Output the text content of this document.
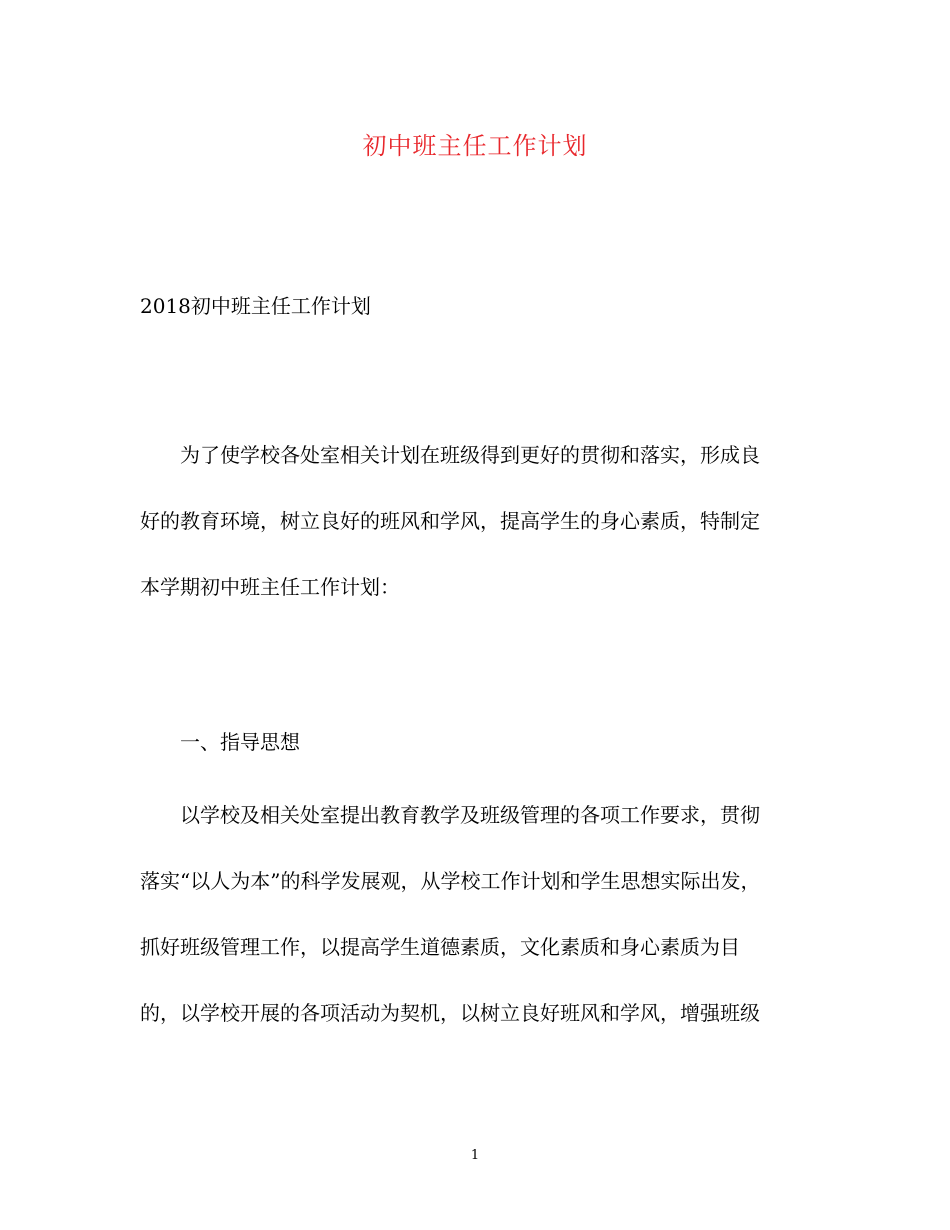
初中班主任工作计划
2018初中班主任工作计划
为了使学校各处室相关计划在班级得到更好的贯彻和落实，形成良
好的教育环境，树立良好的班风和学风，提高学生的身心素质，特制定
本学期初中班主任工作计划：
一、指导思想
以学校及相关处室提出教育教学及班级管理的各项工作要求，贯彻
落实“以人为本”的科学发展观，从学校工作计划和学生思想实际出发，
抓好班级管理工作，以提高学生道德素质，文化素质和身心素质为目
的，以学校开展的各项活动为契机，以树立良好班风和学风，增强班级
1
